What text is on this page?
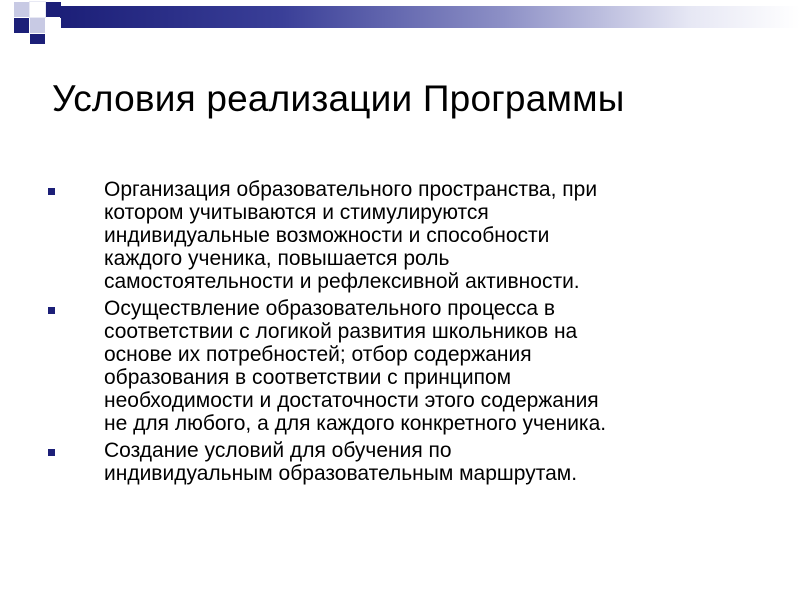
Условия реализации Программы
Организация образовательного пространства, при
котором учитываются и стимулируются
индивидуальные возможности и способности
каждого ученика, повышается роль
самостоятельности и рефлексивной активности.
Осуществление образовательного процесса в
соответствии с логикой развития школьников на
основе их потребностей; отбор содержания
образования в соответствии с принципом
необходимости и достаточности этого содержания
не для любого, а для каждого конкретного ученика.
Создание условий для обучения по
индивидуальным образовательным маршрутам.
